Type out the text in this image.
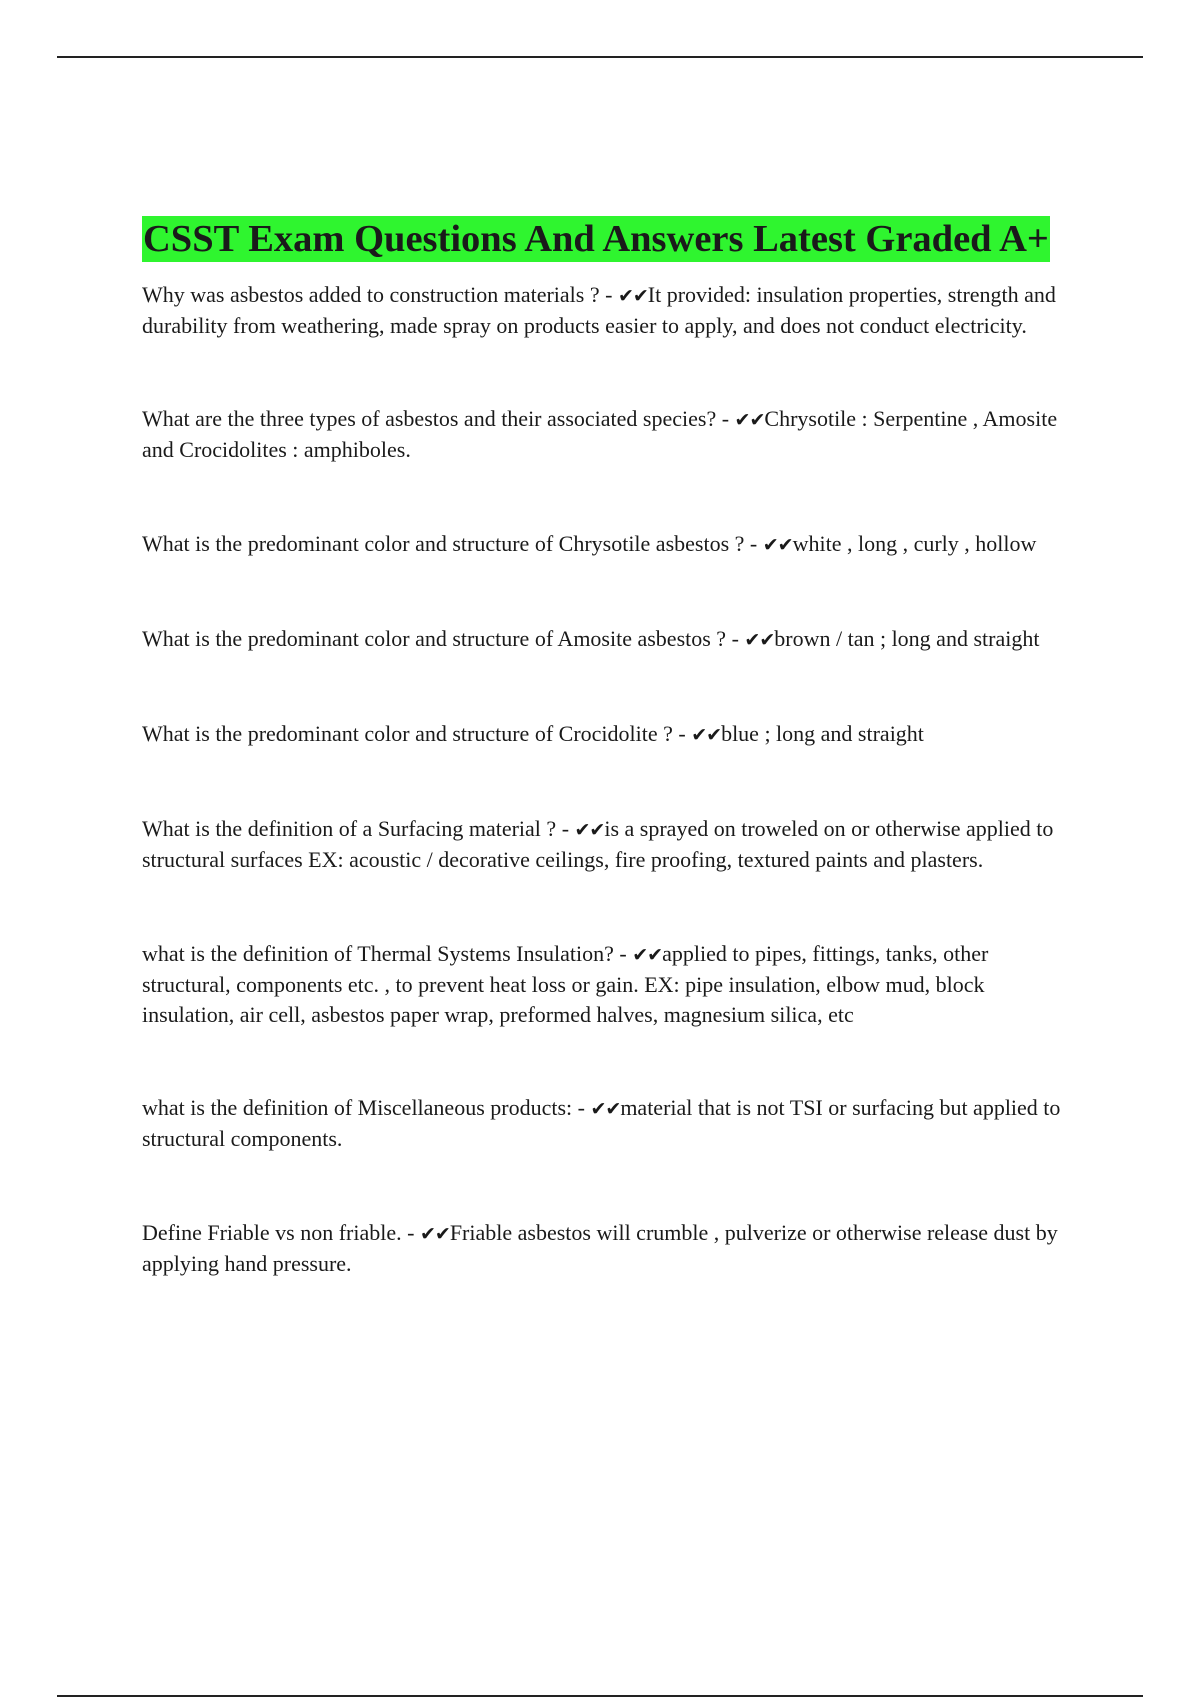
CSST Exam Questions And Answers Latest Graded A+
Why was asbestos added to construction materials ? - ✔✔It provided: insulation properties, strength and durability from weathering, made spray on products easier to apply, and does not conduct electricity.
What are the three types of asbestos and their associated species? - ✔✔Chrysotile : Serpentine , Amosite and Crocidolites : amphiboles.
What is the predominant color and structure of Chrysotile asbestos ? - ✔✔white , long , curly , hollow
What is the predominant color and structure of Amosite asbestos ? - ✔✔brown / tan ; long and straight
What is the predominant color and structure of Crocidolite ? - ✔✔blue ; long and straight
What is the definition of a Surfacing material ? - ✔✔is a sprayed on troweled on or otherwise applied to structural surfaces EX: acoustic / decorative ceilings, fire proofing, textured paints and plasters.
what is the definition of Thermal Systems Insulation? - ✔✔applied to pipes, fittings, tanks, other structural, components etc. , to prevent heat loss or gain. EX: pipe insulation, elbow mud, block insulation, air cell, asbestos paper wrap, preformed halves, magnesium silica, etc
what is the definition of Miscellaneous products: - ✔✔material that is not TSI or surfacing but applied to structural components.
Define Friable vs non friable. - ✔✔Friable asbestos will crumble , pulverize or otherwise release dust by applying hand pressure.
